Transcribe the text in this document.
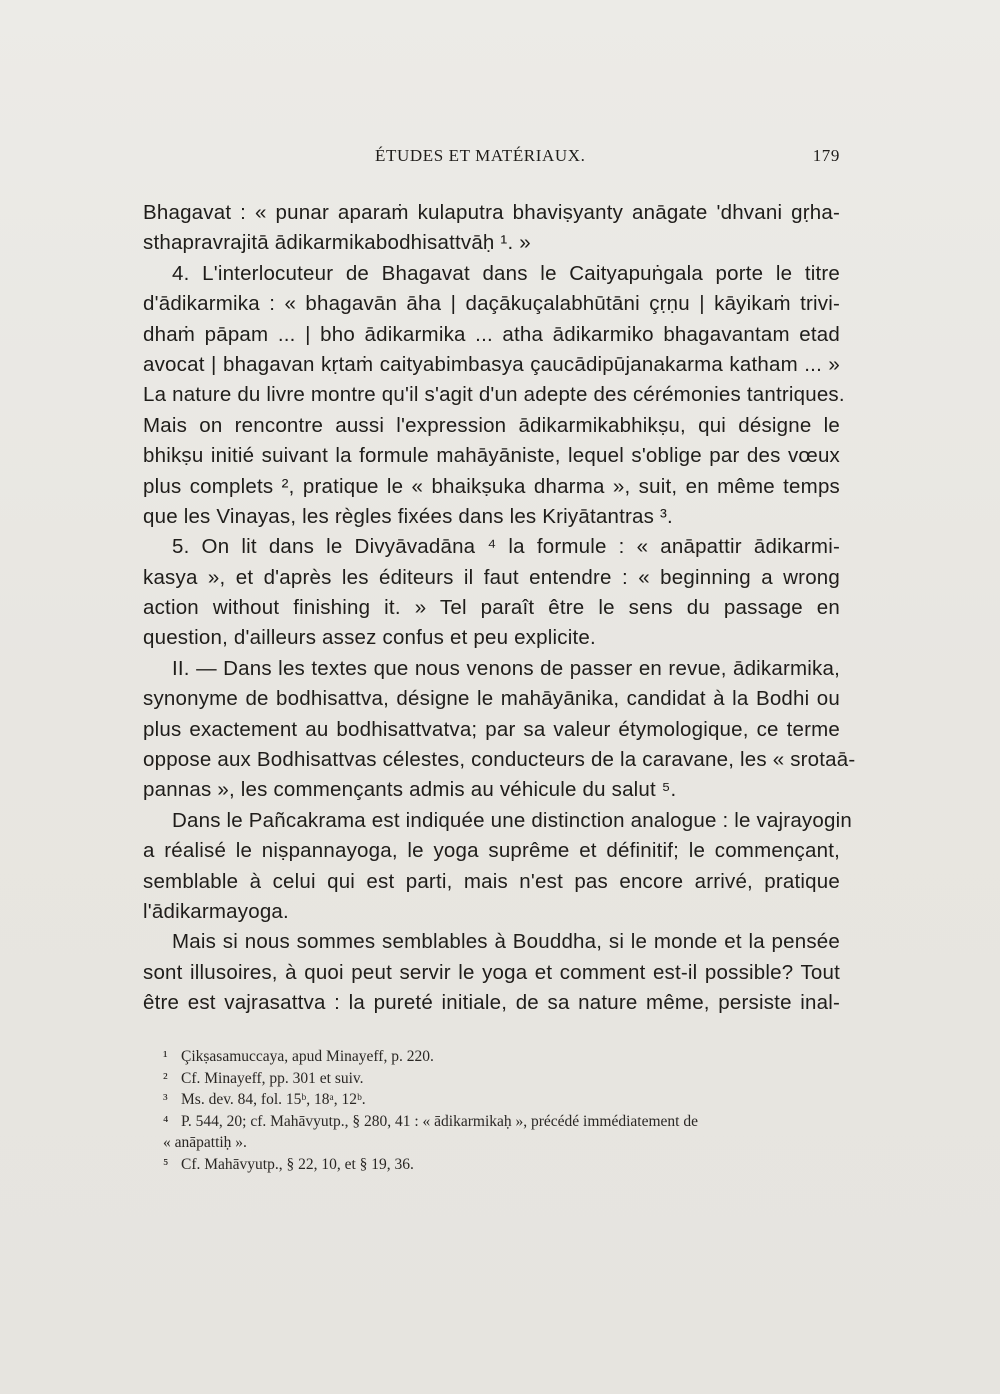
ÉTUDES ET MATÉRIAUX.	179
Bhagavat : « punar aparaṁ kulaputra bhaviṣyanty anāgate 'dhvani gṛha-
sthapravrajitā ādikarmikabodhisattvāḥ ¹. »
4. L'interlocuteur de Bhagavat dans le Caityapuṅgala porte le titre
d'ādikarmika : « bhagavān āha | daçākuçalabhūtāni çṛṇu | kāyikaṁ trivi-
dhaṁ pāpam ... | bho ādikarmika ... atha ādikarmiko bhagavantam etad
avocat | bhagavan kṛtaṁ caityabimbasya çaucādipūjanakarma katham ... »
La nature du livre montre qu'il s'agit d'un adepte des cérémonies tantriques.
Mais on rencontre aussi l'expression ādikarmikabhikṣu, qui désigne le
bhikṣu initié suivant la formule mahāyāniste, lequel s'oblige par des vœux
plus complets ², pratique le « bhaikṣuka dharma », suit, en même temps
que les Vinayas, les règles fixées dans les Kriyātantras ³.
5. On lit dans le Divyāvadāna ⁴ la formule : « anāpattir ādikarmi-
kasya », et d'après les éditeurs il faut entendre : « beginning a wrong
action without finishing it. » Tel paraît être le sens du passage en
question, d'ailleurs assez confus et peu explicite.
II. — Dans les textes que nous venons de passer en revue, ādikarmika,
synonyme de bodhisattva, désigne le mahāyānika, candidat à la Bodhi ou
plus exactement au bodhisattvatva; par sa valeur étymologique, ce terme
oppose aux Bodhisattvas célestes, conducteurs de la caravane, les « srotaā-
pannas », les commençants admis au véhicule du salut ⁵.
Dans le Pañcakrama est indiquée une distinction analogue : le vajrayogin
a réalisé le niṣpannayoga, le yoga suprême et définitif; le commençant,
semblable à celui qui est parti, mais n'est pas encore arrivé, pratique
l'ādikarmayoga.
Mais si nous sommes semblables à Bouddha, si le monde et la pensée
sont illusoires, à quoi peut servir le yoga et comment est-il possible? Tout
être est vajrasattva : la pureté initiale, de sa nature même, persiste inal-
¹ Çikṣasamuccaya, apud Minayeff, p. 220.
² Cf. Minayeff, pp. 301 et suiv.
³ Ms. dev. 84, fol. 15ᵇ, 18ᵃ, 12ᵇ.
⁴ P. 544, 20; cf. Mahāvyutp., § 280, 41 : « ādikarmikaḥ », précédé immédiatement de
« anāpattiḥ ».
⁵ Cf. Mahāvyutp., § 22, 10, et § 19, 36.
